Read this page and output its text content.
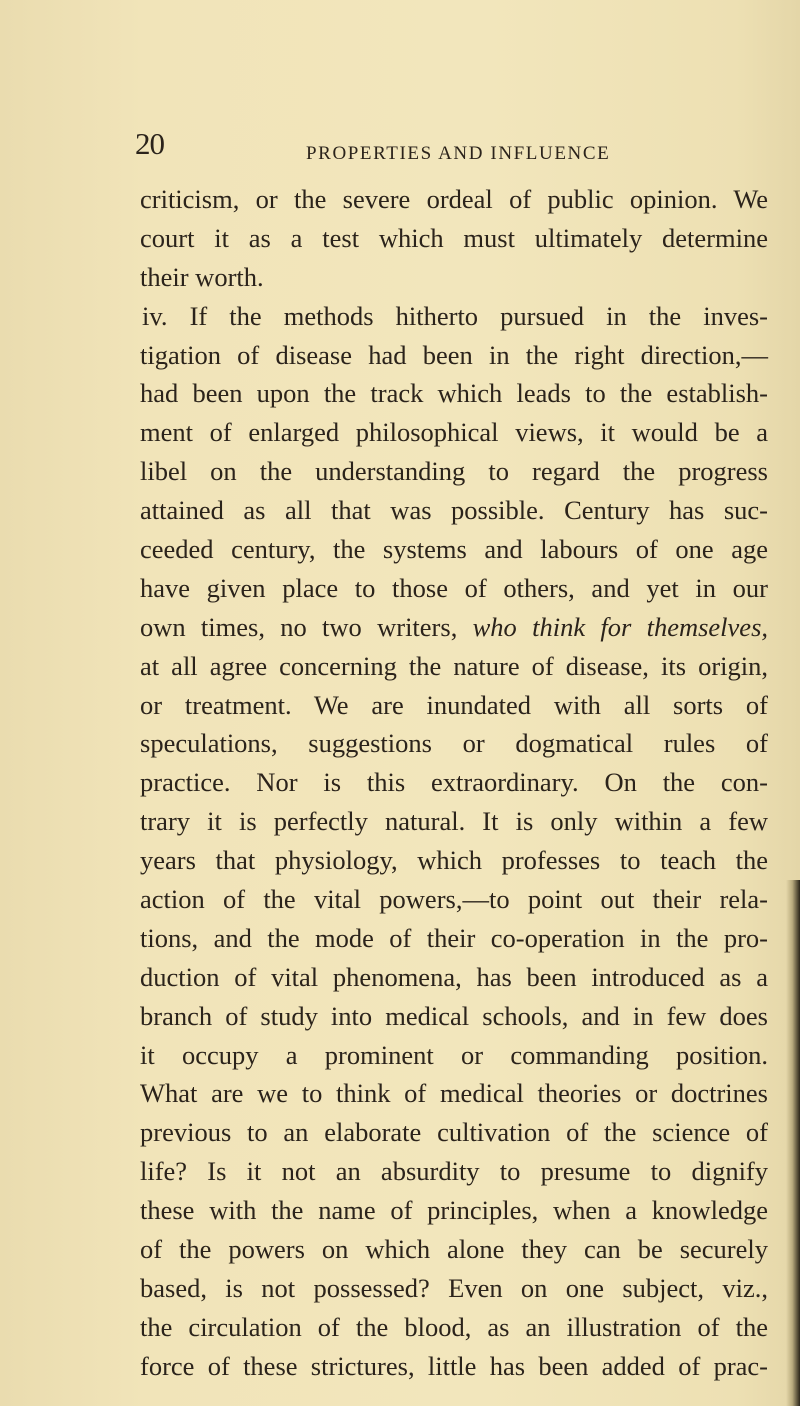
20	PROPERTIES AND INFLUENCE
criticism, or the severe ordeal of public opinion. We
court it as a test which must ultimately determine
their worth.
iv. If the methods hitherto pursued in the inves-
tigation of disease had been in the right direction,—
had been upon the track which leads to the establish-
ment of enlarged philosophical views, it would be a
libel on the understanding to regard the progress
attained as all that was possible. Century has suc-
ceeded century, the systems and labours of one age
have given place to those of others, and yet in our
own times, no two writers, who think for themselves,
at all agree concerning the nature of disease, its origin,
or treatment. We are inundated with all sorts of
speculations, suggestions or dogmatical rules of
practice. Nor is this extraordinary. On the con-
trary it is perfectly natural. It is only within a few
years that physiology, which professes to teach the
action of the vital powers,—to point out their rela-
tions, and the mode of their co-operation in the pro-
duction of vital phenomena, has been introduced as a
branch of study into medical schools, and in few does
it occupy a prominent or commanding position.
What are we to think of medical theories or doctrines
previous to an elaborate cultivation of the science of
life? Is it not an absurdity to presume to dignify
these with the name of principles, when a knowledge
of the powers on which alone they can be securely
based, is not possessed? Even on one subject, viz.,
the circulation of the blood, as an illustration of the
force of these strictures, little has been added of prac-
